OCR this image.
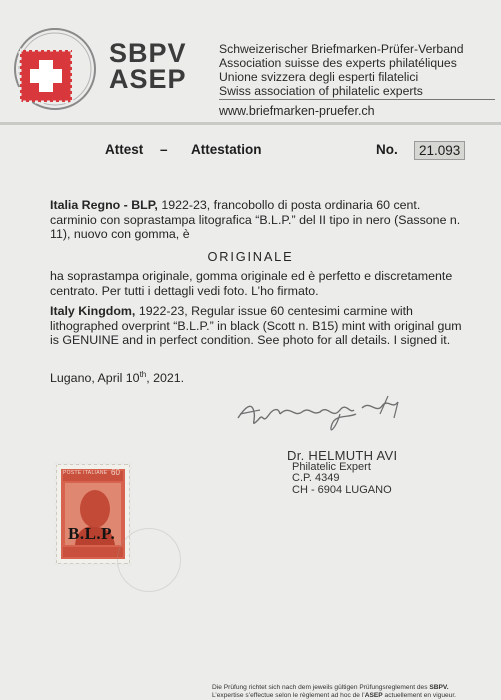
SBPV
ASEP
Schweizerischer Briefmarken-Prüfer-Verband
Association suisse des experts philatéliques
Unione svizzera degli esperti filatelici
Swiss association of philatelic experts
www.briefmarken-pruefer.ch
Attest – Attestation	No.	21.093
Italia Regno - BLP, 1922-23, francobollo di posta ordinaria 60 cent. carminio con soprastampa litografica “B.L.P.” del II tipo in nero (Sassone n. 11), nuovo con gomma, è
ORIGINALE
ha soprastampa originale, gomma originale ed è perfetto e discretamente centrato. Per tutti i dettagli vedi foto. L’ho firmato.
Italy Kingdom, 1922-23, Regular issue 60 centesimi carmine with lithographed overprint “B.L.P.” in black (Scott n. B15) mint with original gum is GENUINE and in perfect condition. See photo for all details. I signed it.
Lugano, April 10th, 2021.
Dr. HELMUTH AVI
Philatelic Expert
C.P. 4349
CH - 6904 LUGANO
POSTE ITALIANE 60
B.L.P.
Die Prüfung richtet sich nach dem jeweils gültigen Prüfungsreglement des SBPV.
L’expertise s’effectue selon le règlement ad hoc de l’ASEP actuellement en vigueur.
